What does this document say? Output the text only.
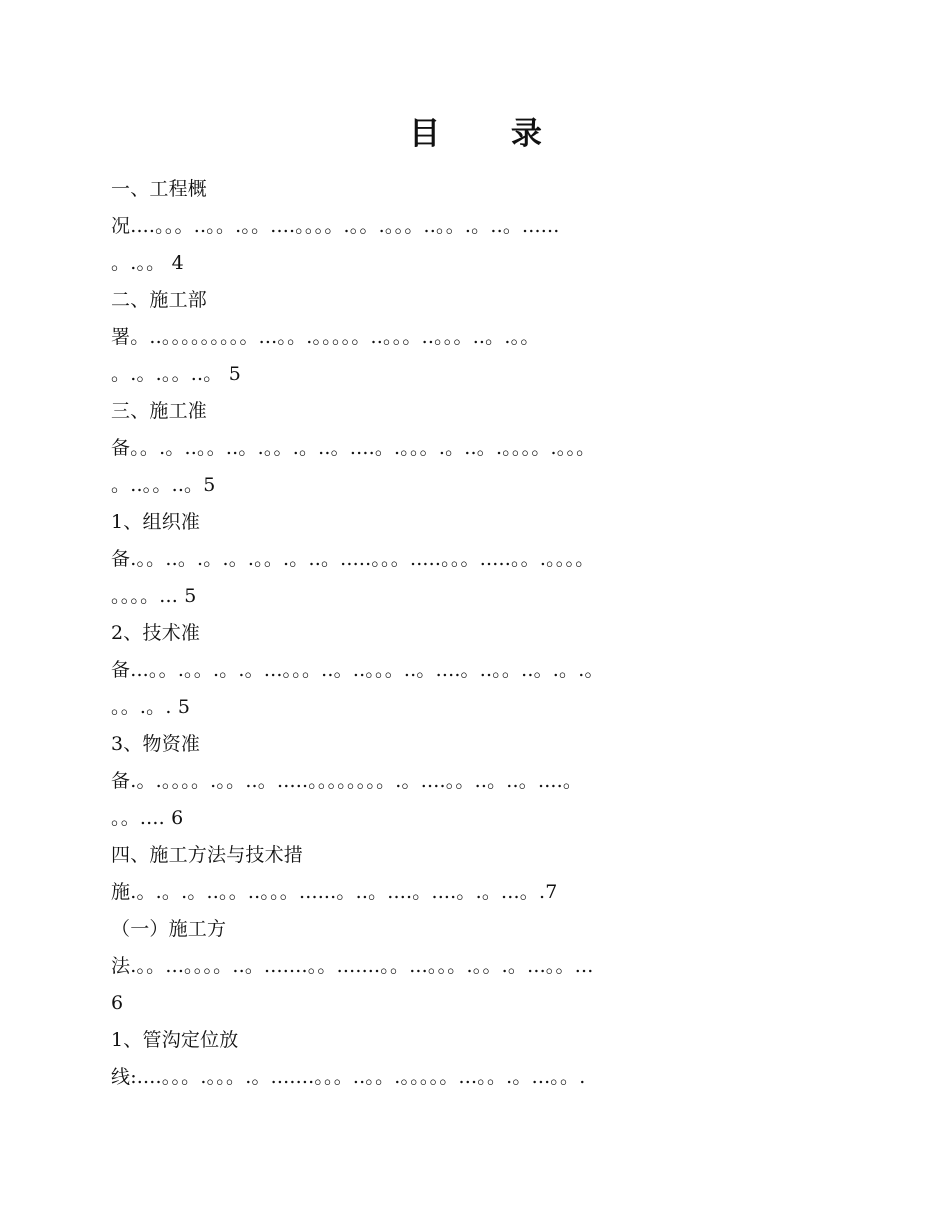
目 录
一、工程概
况....。。。..。。.。。....。。。。.。。.。。。..。。.。..。......
。.。。 4
二、施工部
署。..。。。。。。。。。...。。.。。。。。..。。。..。。。..。.。。
。.。.。。..。 5
三、施工准
备。。.。..。。..。.。。.。..。....。.。。。.。..。.。。。。.。。。
。..。。..。5
1、组织准
备.。。..。.。.。.。。.。..。.....。。。.....。。。.....。。.。。。。
。。。。... 5
2、技术准
备...。。.。。.。.。...。。。..。..。。。..。....。..。。..。.。.。
。。.。. 5
3、物资准
备.。.。。。。.。。..。.....。。。。。。。。.。....。。..。..。....。
。。.... 6
四、施工方法与技术措
施.。.。.。..。。..。。。......。..。....。....。.。...。.7
（一）施工方
法.。。...。。。。..。.......。。.......。。...。。。.。。.。...。。...
6
1、管沟定位放
线:....。。。.。。。.。.......。。。..。。.。。。。。...。。.。...。。.
